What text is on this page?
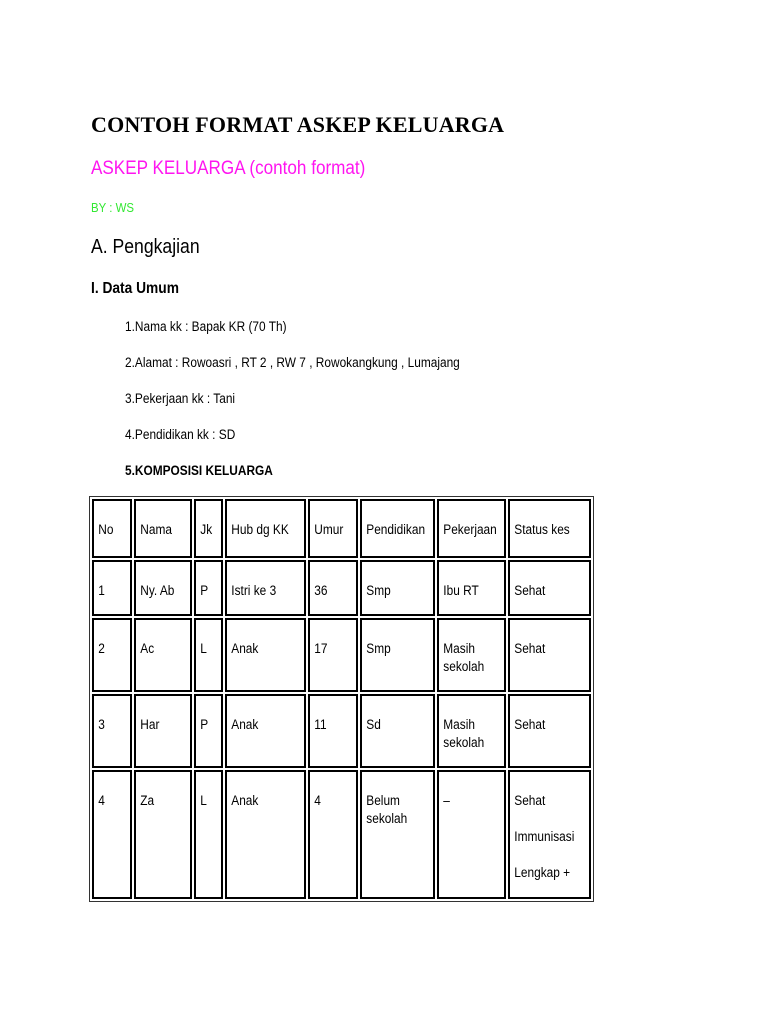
CONTOH FORMAT ASKEP KELUARGA
ASKEP KELUARGA (contoh format)
BY : WS
A. Pengkajian
I. Data Umum
1.Nama kk : Bapak KR (70 Th)
2.Alamat : Rowoasri , RT 2 , RW 7 , Rowokangkung , Lumajang
3.Pekerjaan kk : Tani
4.Pendidikan kk : SD
5.KOMPOSISI KELUARGA
No	Nama	Jk	Hub dg KK	Umur	Pendidikan	Pekerjaan	Status kes

1	Ny. Ab	P	Istri ke 3	36	Smp	Ibu RT	Sehat

2	Ac	L	Anak	17	Smp	Masih sekolah	Sehat

3	Har	P	Anak	11	Sd	Masih sekolah	Sehat

4	Za	L	Anak	4	Belum sekolah	–	Sehat
Immunisasi
Lengkap +
